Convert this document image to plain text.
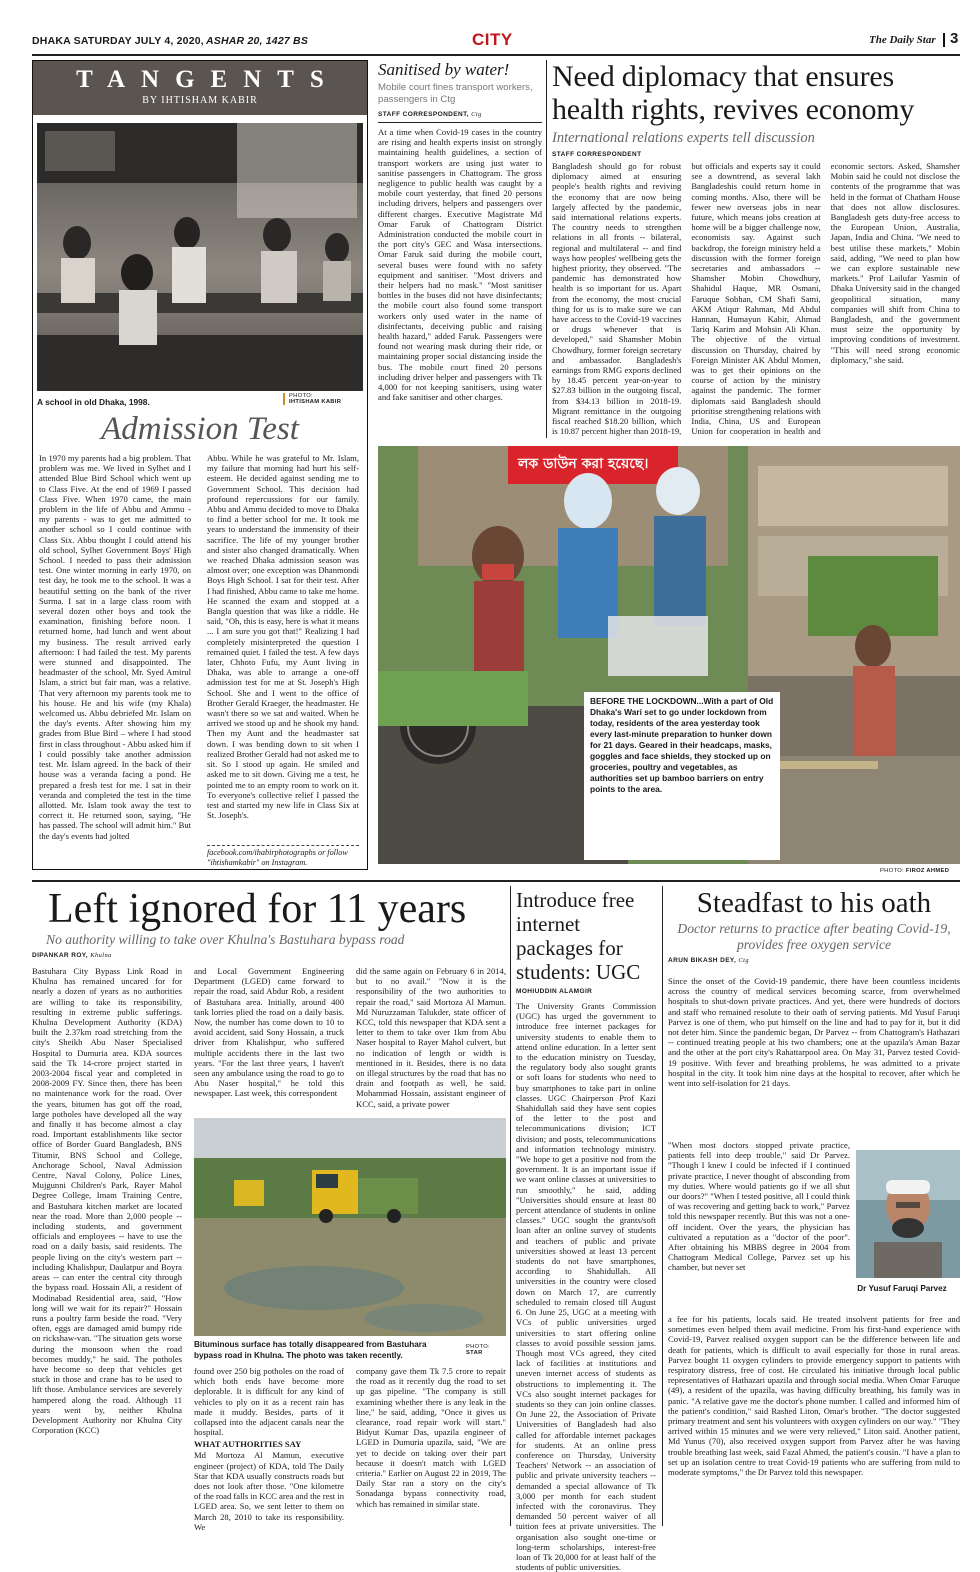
DHAKA SATURDAY JULY 4, 2020, ASHAR 20, 1427 BS	CITY	The Daily Star 3
TANGENTS
BY IHTISHAM KABIR
A school in old Dhaka, 1998.
PHOTO:
IHTISHAM KABIR
Admission Test
In 1970 my parents had a big problem. That problem was me. We lived in Sylhet and I attended Blue Bird School which went up to Class Five. At the end of 1969 I passed Class Five. When 1970 came, the main problem in the life of Abbu and Ammu - my parents - was to get me admitted to another school so I could continue with Class Six. Abbu thought I could attend his old school, Sylhet Government Boys' High School. I needed to pass their admission test. One winter morning in early 1970, on test day, he took me to the school. It was a beautiful setting on the bank of the river Surma. I sat in a large class room with several dozen other boys and took the examination, finishing before noon. I returned home, had lunch and went about my business. The result arrived early afternoon: I had failed the test. My parents were stunned and disappointed. The headmaster of the school, Mr. Syed Amirul Islam, a strict but fair man, was a relative. That very afternoon my parents took me to his house. He and his wife (my Khala) welcomed us. Abbu debriefed Mr. Islam on the day's events. After showing him my grades from Blue Bird – where I had stood first in class throughout - Abbu asked him if I could possibly take another admission test. Mr. Islam agreed. In the back of their house was a veranda facing a pond. He prepared a fresh test for me. I sat in their veranda and completed the test in the time allotted. Mr. Islam took away the test to correct it. He returned soon, saying, "He has passed. The school will admit him." But the day's events had jolted
Abbu. While he was grateful to Mr. Islam, my failure that morning had hurt his self-esteem. He decided against sending me to Government School. This decision had profound repercussions for our family. Abbu and Ammu decided to move to Dhaka to find a better school for me. It took me years to understand the immensity of their sacrifice. The life of my younger brother and sister also changed dramatically. When we reached Dhaka admission season was almost over; one exception was Dhanmondi Boys High School. I sat for their test. After I had finished, Abbu came to take me home. He scanned the exam and stopped at a Bangla question that was like a riddle. He said, "Oh, this is easy, here is what it means ... I am sure you got that!" Realizing I had completely misinterpreted the question I remained quiet. I failed the test. A few days later, Chhoto Fufu, my Aunt living in Dhaka, was able to arrange a one-off admission test for me at St. Joseph's High School. She and I went to the office of Brother Gerald Kraeger, the headmaster. He wasn't there so we sat and waited. When he arrived we stood up and he shook my hand. Then my Aunt and the headmaster sat down. I was bending down to sit when I realized Brother Gerald had not asked me to sit. So I stood up again. He smiled and asked me to sit down. Giving me a test, he pointed me to an empty room to work on it. To everyone's collective relief I passed the test and started my new life in Class Six at St. Joseph's.
facebook.com/ihabirphotographs or follow "ihtishamkabir" on Instagram.
Sanitised by water!
Mobile court fines transport workers, passengers in Ctg
STAFF CORRESPONDENT, Ctg
At a time when Covid-19 cases in the country are rising and health experts insist on strongly maintaining health guidelines, a section of transport workers are using just water to sanitise passengers in Chattogram. The gross negligence to public health was caught by a mobile court yesterday, that fined 20 persons including drivers, helpers and passengers over different charges. Executive Magistrate Md Omar Faruk of Chattogram District Administration conducted the mobile court in the port city's GEC and Wasa intersections. Omar Faruk said during the mobile court, several buses were found with no safety equipment and sanitiser. "Most drivers and their helpers had no mask." "Most sanitiser bottles in the buses did not have disinfectants; the mobile court also found some transport workers only used water in the name of disinfectants, deceiving public and raising health hazard," added Faruk. Passengers were found not wearing mask during their ride, or maintaining proper social distancing inside the bus. The mobile court fined 20 persons including driver helper and passengers with Tk 4,000 for not keeping sanitisers, using water and fake sanitiser and other charges.
Need diplomacy that ensures health rights, revives economy
International relations experts tell discussion
STAFF CORRESPONDENT
Bangladesh should go for robust diplomacy aimed at ensuring people's health rights and reviving the economy that are now being largely affected by the pandemic, said international relations experts. The country needs to strengthen relations in all fronts -- bilateral, regional and multilateral -- and find ways how peoples' wellbeing gets the highest priority, they observed. "The pandemic has demonstrated how health is so important for us. Apart from the economy, the most crucial thing for us is to make sure we can have access to the Covid-19 vaccines or drugs whenever that is developed," said Shamsher Mobin Chowdhury, former foreign secretary and ambassador. Bangladesh's earnings from RMG exports declined by 18.45 percent year-on-year to $27.83 billion in the outgoing fiscal, from $34.13 billion in 2018-19. Migrant remittance in the outgoing fiscal reached $18.20 billion, which is 10.87 percent higher than 2018-19, but officials and experts say it could see a downtrend, as several lakh Bangladeshis could return home in coming months. Also, there will be fewer new overseas jobs in near future, which means jobs creation at home will be a bigger challenge now, economists say. Against such backdrop, the foreign ministry held a discussion with the former foreign secretaries and ambassadors -- Shamsher Mobin Chowdhury, Shahidul Haque, MR Osmani, Faruque Sobhan, CM Shafi Sami, AKM Atiqur Rahman, Md Abdul Hannan, Humayun Kabir, Ahmad Tariq Karim and Mohsin Ali Khan. The objective of the virtual discussion on Thursday, chaired by Foreign Minister AK Abdul Momen, was to get their opinions on the course of action by the ministry against the pandemic. The former diplomats said Bangladesh should prioritise strengthening relations with India, China, US and European Union for cooperation in health and economic sectors. Asked, Shamsher Mobin said he could not disclose the contents of the programme that was held in the format of Chatham House that does not allow disclosures. Bangladesh gets duty-free access to the European Union, Australia, Japan, India and China. "We need to best utilise these markets," Mobin said, adding, "We need to plan how we can explore sustainable new markets." Prof Lailufar Yasmin of Dhaka University said in the changed geopolitical situation, many companies will shift from China to Bangladesh, and the government must seize the opportunity by improving conditions of investment. "This will need strong economic diplomacy," she said.
লক ডাউন করা হয়েছে।
BEFORE THE LOCKDOWN...With a part of Old Dhaka's Wari set to go under lockdown from today, residents of the area yesterday took every last-minute preparation to hunker down for 21 days. Geared in their headcaps, masks, goggles and face shields, they stocked up on groceries, poultry and vegetables, as authorities set up bamboo barriers on entry points to the area.
PHOTO: FIROZ AHMED
Left ignored for 11 years
No authority willing to take over Khulna's Bastuhara bypass road
DIPANKAR ROY, Khulna
Bastuhara City Bypass Link Road in Khulna has remained uncared for for nearly a dozen of years as no authorities are willing to take its responsibility, resulting in extreme public sufferings. Khulna Development Authority (KDA) built the 2.37km road stretching from the city's Sheikh Abu Naser Specialised Hospital to Dumuria area. KDA sources said the Tk 14-crore project started in 2003-2004 fiscal year and completed in 2008-2009 FY. Since then, there has been no maintenance work for the road. Over the years, bitumen has got off the road, large potholes have developed all the way and finally it has become almost a clay road. Important establishments like sector office of Border Guard Bangladesh, BNS Titumir, BNS School and College, Anchorage School, Naval Admission Centre, Naval Colony, Police Lines, Mujgunni Children's Park, Rayer Mahol Degree College, Imam Training Centre, and Bastuhara kitchen market are located near the road. More than 2,000 people -- including students, and government officials and employees -- have to use the road on a daily basis, said residents. The people living on the city's western part -- including Khalishpur, Daulatpur and Boyra areas -- can enter the central city through the bypass road. Hossain Ali, a resident of Modinabad Residential area, said, "How long will we wait for its repair?" Hossain runs a poultry farm beside the road. "Very often, eggs are damaged amid bumpy ride on rickshaw-van. "The situation gets worse during the monsoon when the road becomes muddy," he said. The potholes have become so deep that vehicles get stuck in those and crane has to be used to lift those. Ambulance services are severely hampered along the road. Although 11 years went by, neither Khulna Development Authority nor Khulna City Corporation (KCC)
and Local Government Engineering Department (LGED) came forward to repair the road, said Abdur Rob, a resident of Bastuhara area. Initially, around 400 tank lorries plied the road on a daily basis. Now, the number has come down to 10 to avoid accident, said Sony Hossain, a truck driver from Khalishpur, who suffered multiple accidents there in the last two years. "For the last three years, I haven't seen any ambulance using the road to go to Abu Naser hospital," he told this newspaper. Last week, this correspondent
did the same again on February 6 in 2014, but to no avail." "Now it is the responsibility of the two authorities to repair the road," said Mortoza Al Mamun. Md Nuruzzaman Talukder, state officer of KCC, told this newspaper that KDA sent a letter to them to take over 1km from Abu Naser hospital to Rayer Mahol culvert, but no indication of length or width is mentioned in it. Besides, there is no data on illegal structures by the road that has no drain and footpath as well, he said. Mohammad Hossain, assistant engineer of KCC, said, a private power
Bituminous surface has totally disappeared from Bastuhara bypass road in Khulna. The photo was taken recently.
PHOTO: STAR
found over 250 big potholes on the road of which both ends have become more deplorable. It is difficult for any kind of vehicles to ply on it as a recent rain has made it muddy. Besides, parts of it collapsed into the adjacent canals near the hospital.
WHAT AUTHORITIES SAY
Md Mortoza Al Mamun, executive engineer (project) of KDA, told The Daily Star that KDA usually constructs roads but does not look after those. "One kilometre of the road falls in KCC area and the rest in LGED area. So, we sent letter to them on March 28, 2010 to take its responsibility. We
company gave them Tk 7.5 crore to repair the road as it recently dug the road to set up gas pipeline. "The company is still examining whether there is any leak in the line," he said, adding, "Once it gives us clearance, road repair work will start." Bidyut Kumar Das, upazila engineer of LGED in Dumuria upazila, said, "We are yet to decide on taking over their part because it doesn't match with LGED criteria." Earlier on August 22 in 2019, The Daily Star ran a story on the city's Sonadanga bypass connectivity road, which has remained in similar state.
Introduce free internet packages for students: UGC
MOHIUDDIN ALAMGIR
The University Grants Commission (UGC) has urged the government to introduce free internet packages for university students to enable them to attend online education. In a letter sent to the education ministry on Tuesday, the regulatory body also sought grants or soft loans for students who need to buy smartphones to take part in online classes. UGC Chairperson Prof Kazi Shahidullah said they have sent copies of the letter to the post and telecommunications division; ICT division; and posts, telecommunications and information technology ministry. "We hope to get a positive nod from the government. It is an important issue if we want online classes at universities to run smoothly," he said, adding "Universities should ensure at least 80 percent attendance of students in online classes." UGC sought the grants/soft loan after an online survey of students and teachers of public and private universities showed at least 13 percent students do not have smartphones, according to Shahidullah. All universities in the country were closed down on March 17, are currently scheduled to remain closed till August 6. On June 25, UGC at a meeting with VCs of public universities urged universities to start offering online classes to avoid possible session jams. Though most VCs agreed, they cited lack of facilities at institutions and uneven internet access of students as obstructions to implementing it. The VCs also sought internet packages for students so they can join online classes. On June 22, the Association of Private Universities of Bangladesh had also called for affordable internet packages for students. At an online press conference on Thursday, University Teachers' Network -- an association of public and private university teachers -- demanded a special allowance of Tk 3,000 per month for each student infected with the coronavirus. They demanded 50 percent waiver of all tuition fees at private universities. The organisation also sought one-time or long-term scholarships, interest-free loan of Tk 20,000 for at least half of the students of public universities.
Steadfast to his oath
Doctor returns to practice after beating Covid-19, provides free oxygen service
ARUN BIKASH DEY, Ctg
Since the onset of the Covid-19 pandemic, there have been countless incidents across the country of medical services becoming scarce, from overwhelmed hospitals to shut-down private practices. And yet, there were hundreds of doctors and staff who remained resolute to their oath of serving patients. Md Yusuf Faruqi Parvez is one of them, who put himself on the line and had to pay for it, but it did not deter him. Since the pandemic began, Dr Parvez -- from Chattogram's Hathazari -- continued treating people at his two chambers; one at the upazila's Aman Bazar and the other at the port city's Rahattarpool area. On May 31, Parvez tested Covid-19 positive. With fever and breathing problems, he was admitted to a private hospital in the city. It took him nine days at the hospital to recover, after which he went into self-isolation for 21 days.
"When most doctors stopped private practice, patients fell into deep trouble," said Dr Parvez. "Though I knew I could be infected if I continued private practice, I never thought of absconding from my duties. Where would patients go if we all shut our doors?" "When I tested positive, all I could think of was recovering and getting back to work," Parvez told this newspaper recently. But this was not a one-off incident. Over the years, the physician has cultivated a reputation as a "doctor of the poor". After obtaining his MBBS degree in 2004 from Chattogram Medical College, Parvez set up his chamber, but never set
Dr Yusuf Faruqi Parvez
a fee for his patients, locals said. He treated insolvent patients for free and sometimes even helped them avail medicine. From his first-hand experience with Covid-19, Parvez realised oxygen support can be the difference between life and death for patients, which is difficult to avail especially for those in rural areas. Parvez bought 11 oxygen cylinders to provide emergency support to patients with respiratory distress, free of cost. He circulated his initiative through local public representatives of Hathazari upazila and through social media. When Omar Faruque (49), a resident of the upazila, was having difficulty breathing, his family was in panic. "A relative gave me the doctor's phone number. I called and informed him of the patient's condition," said Rashed Liton, Omar's brother. "The doctor suggested primary treatment and sent his volunteers with oxygen cylinders on our way." "They arrived within 15 minutes and we were very relieved," Liton said. Another patient, Md Yunus (70), also received oxygen support from Parvez after he was having trouble breathing last week, said Fazal Ahmed, the patient's cousin. "I have a plan to set up an isolation centre to treat Covid-19 patients who are suffering from mild to moderate symptoms," the Dr Parvez told this newspaper.
